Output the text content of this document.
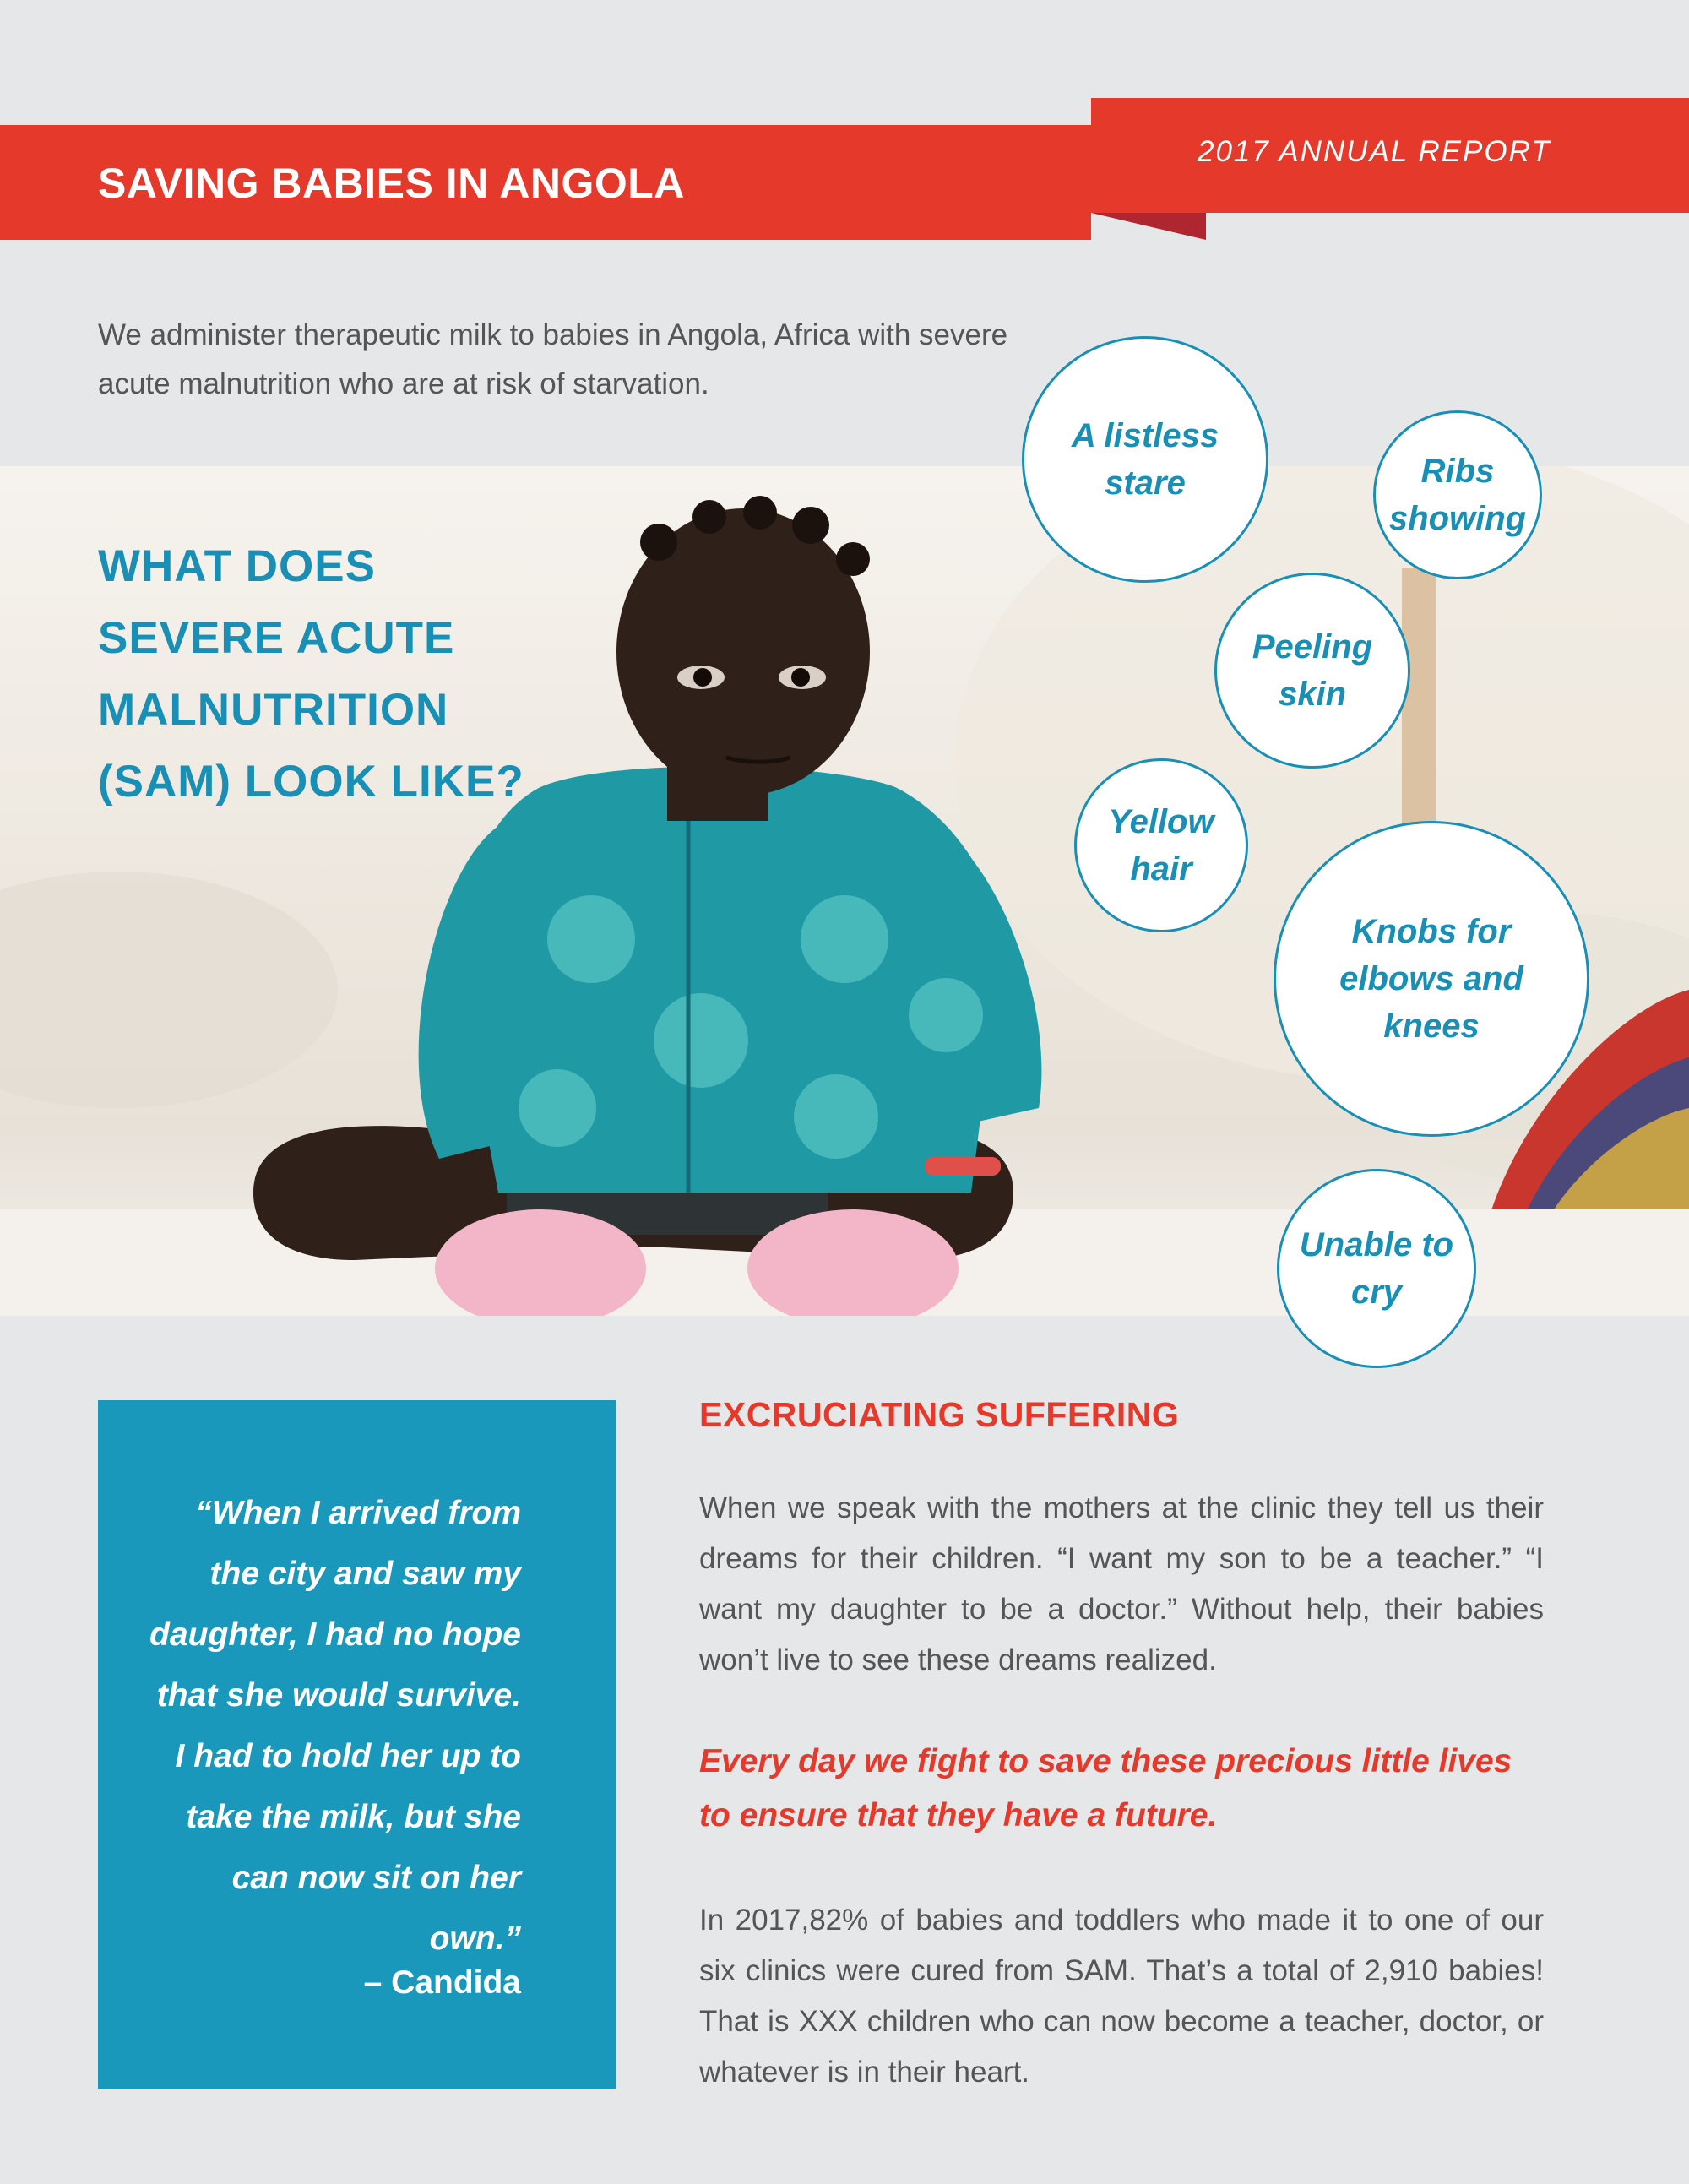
SAVING BABIES IN ANGOLA
2017 ANNUAL REPORT
We administer therapeutic milk to babies in Angola, Africa with severe acute malnutrition who are at risk of starvation.
WHAT DOES SEVERE ACUTE MALNUTRITION (SAM) LOOK LIKE?
A listless stare	Ribs showing
Peeling skin
Yellow hair
Knobs for elbows and knees
Unable to cry
“When I arrived from the city and saw my daughter, I had no hope that she would survive. I had to hold her up to take the milk, but she can now sit on her own.”
– Candida
EXCRUCIATING SUFFERING
When we speak with the mothers at the clinic they tell us their dreams for their children. “I want my son to be a teacher.” “I want my daughter to be a doctor.” Without help, their babies won’t live to see these dreams realized.
Every day we fight to save these precious little lives to ensure that they have a future.
In 2017,82% of babies and toddlers who made it to one of our six clinics were cured from SAM. That’s a total of 2,910 babies! That is XXX children who can now become a teacher, doctor, or whatever is in their heart.
